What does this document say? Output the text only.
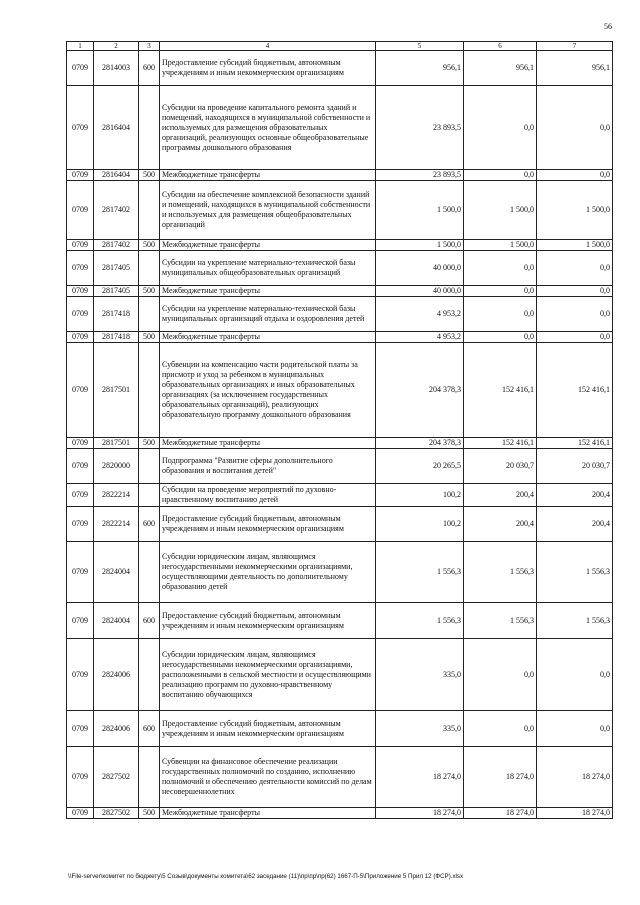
56
1	2	3	4	5	6	7
0709	2814003	600	Предоставление субсидий бюджетным, автономным учреждениям и иным некоммерческим организациям	956,1	956,1	956,1
0709	2816404		Субсидии на проведение капитального ремонта зданий и помещений, находящихся в муниципальной собственности и используемых для размещения образовательных организаций, реализующих основные общеобразовательные программы дошкольного образования	23 893,5	0,0	0,0
0709	2816404	500	Межбюджетные трансферты	23 893,5	0,0	0,0
0709	2817402		Субсидии на обеспечение комплексной безопасности зданий и помещений, находящихся в муниципальной собственности и используемых для размещения общеобразовательных организаций	1 500,0	1 500,0	1 500,0
0709	2817402	500	Межбюджетные трансферты	1 500,0	1 500,0	1 500,0
0709	2817405		Субсидии на укрепление материально-технической базы муниципальных общеобразовательных организаций	40 000,0	0,0	0,0
0709	2817405	500	Межбюджетные трансферты	40 000,0	0,0	0,0
0709	2817418		Субсидии на укрепление материально-технической базы муниципальных организаций отдыха и оздоровления детей	4 953,2	0,0	0,0
0709	2817418	500	Межбюджетные трансферты	4 953,2	0,0	0,0
0709	2817501		Субвенции на компенсацию части родительской платы за присмотр и уход за ребенком в муниципальных образовательных организациях и иных образовательных организациях (за исключением государственных образовательных организаций), реализующих образовательную программу дошкольного образования	204 378,3	152 416,1	152 416,1
0709	2817501	500	Межбюджетные трансферты	204 378,3	152 416,1	152 416,1
0709	2820000		Подпрограмма "Развитие сферы дополнительного образования и воспитания детей"	20 265,5	20 030,7	20 030,7
0709	2822214		Субсидии на проведение мероприятий по духовно-нравственному воспитанию детей	100,2	200,4	200,4
0709	2822214	600	Предоставление субсидий бюджетным, автономным учреждениям и иным некоммерческим организациям	100,2	200,4	200,4
0709	2824004		Субсидии юридическим лицам, являющимся негосударственными некоммерческими организациями, осуществляющими деятельность по дополнительному образованию детей	1 556,3	1 556,3	1 556,3
0709	2824004	600	Предоставление субсидий бюджетным, автономным учреждениям и иным некоммерческим организациям	1 556,3	1 556,3	1 556,3
0709	2824006		Субсидии юридическим лицам, являющимся негосударственными некоммерческими организациями, расположенными в сельской местности и осуществляющими реализацию программ по духовно-нравственному воспитанию обучающихся	335,0	0,0	0,0
0709	2824006	600	Предоставление субсидий бюджетным, автономным учреждениям и иным некоммерческим организациям	335,0	0,0	0,0
0709	2827502		Субвенции на финансовое обеспечение реализации государственных полномочий по созданию, исполнению полномочий и обеспечению деятельности комиссий по делам несовершеннолетних	18 274,0	18 274,0	18 274,0
0709	2827502	500	Межбюджетные трансферты	18 274,0	18 274,0	18 274,0
\\File-server\комитет по бюджету\5 Созыв\документы комитета\62 заседание (11)\пр\пр\пр(62) 1667-П-5\Приложение 5 Прил 12 (ФСР).xlsx
